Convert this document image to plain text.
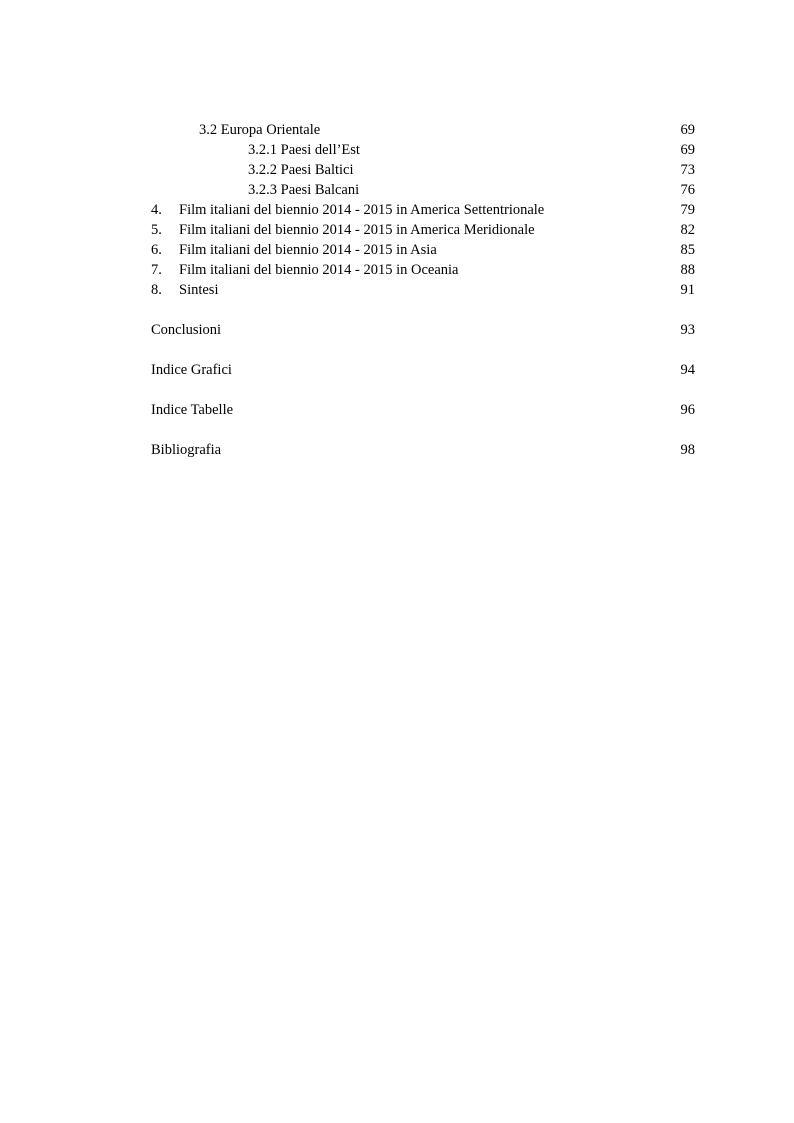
3.2 Europa Orientale	69
3.2.1 Paesi dell’Est	69
3.2.2 Paesi Baltici	73
3.2.3 Paesi Balcani	76
4. Film italiani del biennio 2014 - 2015 in America Settentrionale	79
5. Film italiani del biennio 2014 - 2015 in America Meridionale	82
6. Film italiani del biennio 2014 - 2015 in Asia	85
7. Film italiani del biennio 2014 - 2015 in Oceania	88
8. Sintesi	91
Conclusioni	93
Indice Grafici	94
Indice Tabelle	96
Bibliografia	98
